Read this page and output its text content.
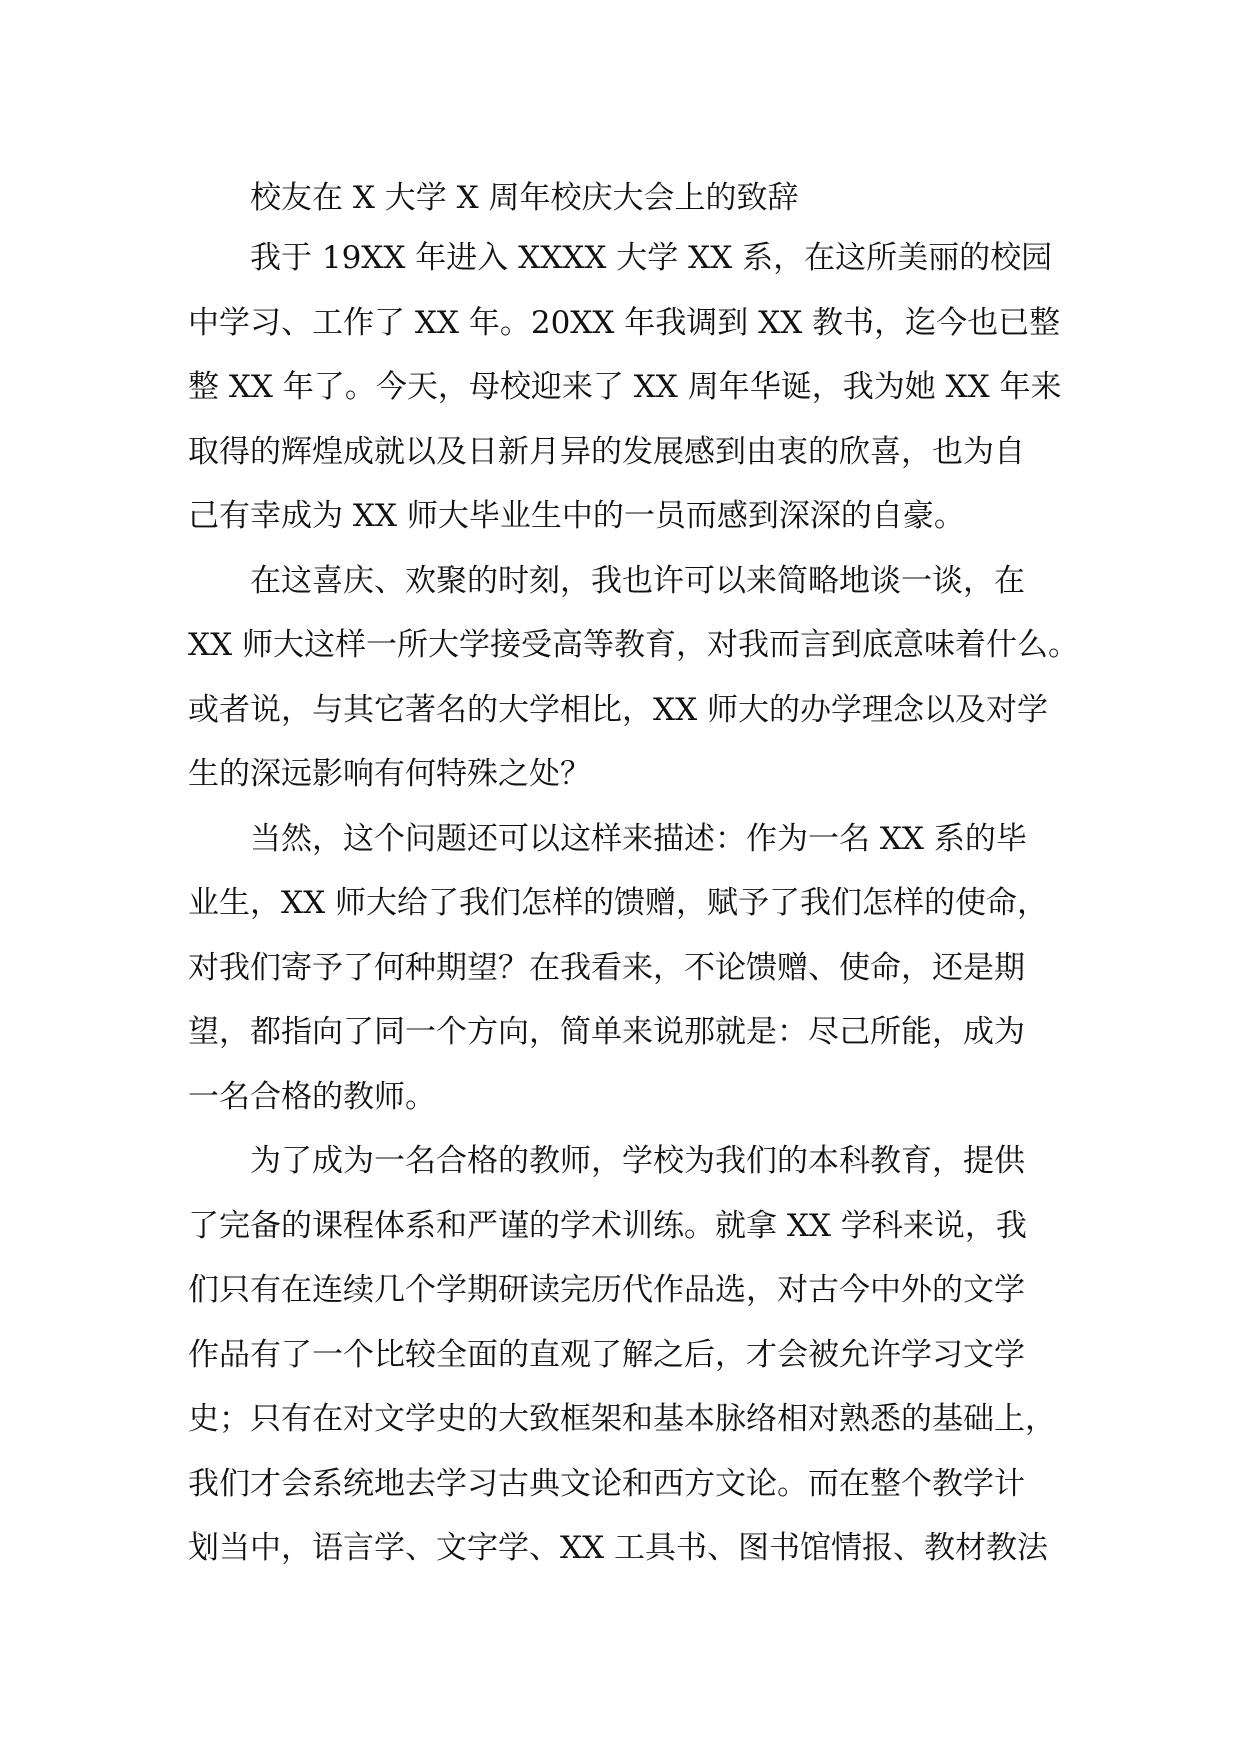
校友在 X 大学 X 周年校庆大会上的致辞
我于 19XX 年进入 XXXX 大学 XX 系，在这所美丽的校园
中学习、工作了 XX 年。20XX 年我调到 XX 教书，迄今也已整
整 XX 年了。今天，母校迎来了 XX 周年华诞，我为她 XX 年来
取得的辉煌成就以及日新月异的发展感到由衷的欣喜，也为自
己有幸成为 XX 师大毕业生中的一员而感到深深的自豪。
在这喜庆、欢聚的时刻，我也许可以来简略地谈一谈，在
XX 师大这样一所大学接受高等教育，对我而言到底意味着什么。
或者说，与其它著名的大学相比，XX 师大的办学理念以及对学
生的深远影响有何特殊之处？
当然，这个问题还可以这样来描述：作为一名 XX 系的毕
业生，XX 师大给了我们怎样的馈赠，赋予了我们怎样的使命，
对我们寄予了何种期望？在我看来，不论馈赠、使命，还是期
望，都指向了同一个方向，简单来说那就是：尽己所能，成为
一名合格的教师。
为了成为一名合格的教师，学校为我们的本科教育，提供
了完备的课程体系和严谨的学术训练。就拿 XX 学科来说，我
们只有在连续几个学期研读完历代作品选，对古今中外的文学
作品有了一个比较全面的直观了解之后，才会被允许学习文学
史；只有在对文学史的大致框架和基本脉络相对熟悉的基础上，
我们才会系统地去学习古典文论和西方文论。而在整个教学计
划当中，语言学、文字学、XX 工具书、图书馆情报、教材教法
